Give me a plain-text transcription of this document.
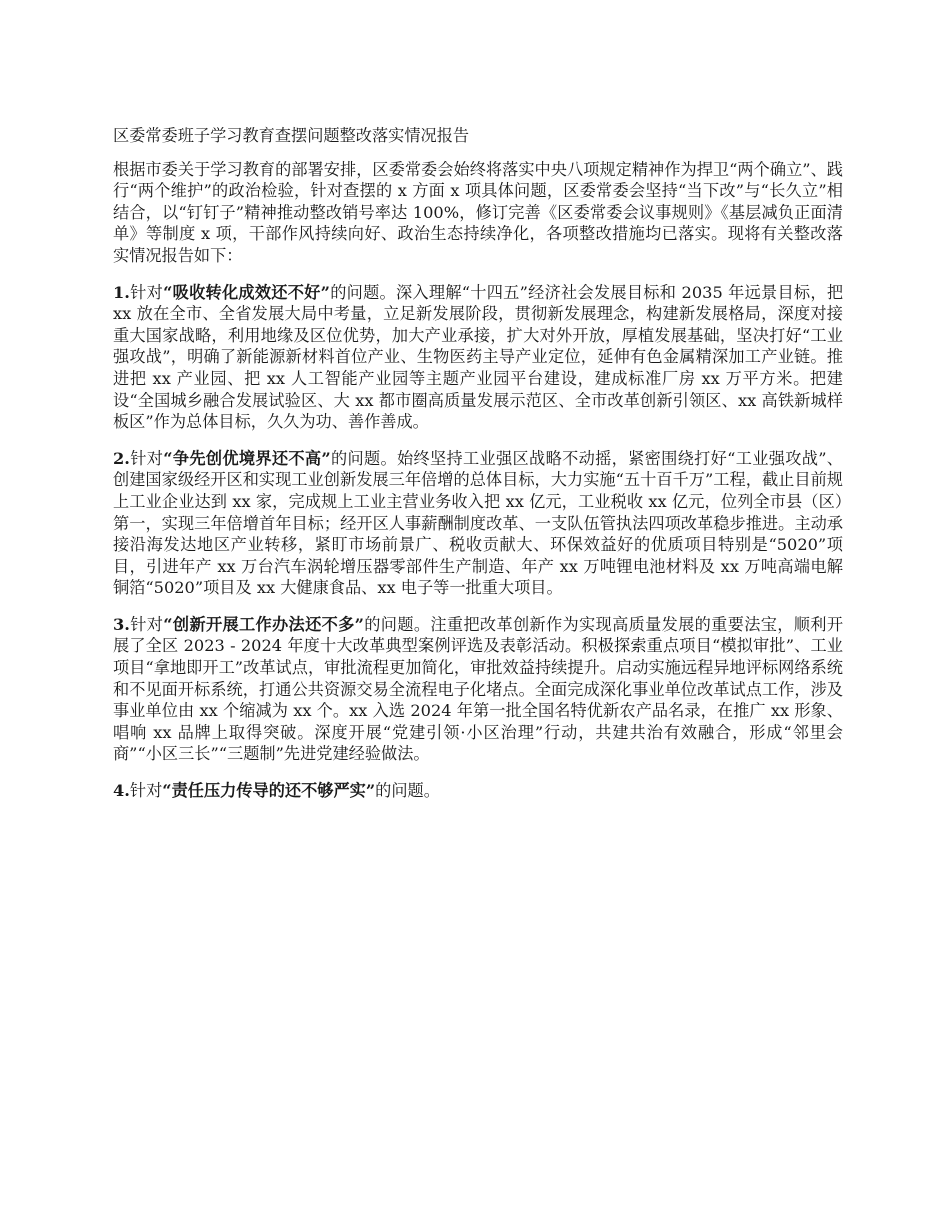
区委常委班子学习教育查摆问题整改落实情况报告

根据市委关于学习教育的部署安排，区委常委会始终将落实中央八项规定精神作为捍卫“两个确立”、践行“两个维护”的政治检验，针对查摆的 x 方面 x 项具体问题，区委常委会坚持“当下改”与“长久立”相结合，以“钉钉子”精神推动整改销号率达 100%，修订完善《区委常委会议事规则》《基层减负正面清单》等制度 x 项，干部作风持续向好、政治生态持续净化，各项整改措施均已落实。现将有关整改落实情况报告如下：

1.针对“吸收转化成效还不好”的问题。深入理解“十四五”经济社会发展目标和 2035 年远景目标，把 xx 放在全市、全省发展大局中考量，立足新发展阶段，贯彻新发展理念，构建新发展格局，深度对接重大国家战略，利用地缘及区位优势，加大产业承接，扩大对外开放，厚植发展基础，坚决打好“工业强攻战”，明确了新能源新材料首位产业、生物医药主导产业定位，延伸有色金属精深加工产业链。推进把 xx 产业园、把 xx 人工智能产业园等主题产业园平台建设，建成标准厂房 xx 万平方米。把建设“全国城乡融合发展试验区、大 xx 都市圈高质量发展示范区、全市改革创新引领区、xx 高铁新城样板区”作为总体目标，久久为功、善作善成。

2.针对“争先创优境界还不高”的问题。始终坚持工业强区战略不动摇，紧密围绕打好“工业强攻战”、创建国家级经开区和实现工业创新发展三年倍增的总体目标，大力实施“五十百千万”工程，截止目前规上工业企业达到 xx 家，完成规上工业主营业务收入把 xx 亿元，工业税收 xx 亿元，位列全市县（区）第一，实现三年倍增首年目标；经开区人事薪酬制度改革、一支队伍管执法四项改革稳步推进。主动承接沿海发达地区产业转移，紧盯市场前景广、税收贡献大、环保效益好的优质项目特别是“5020”项目，引进年产 xx 万台汽车涡轮增压器零部件生产制造、年产 xx 万吨锂电池材料及 xx 万吨高端电解铜箔“5020”项目及 xx 大健康食品、xx 电子等一批重大项目。

3.针对“创新开展工作办法还不多”的问题。注重把改革创新作为实现高质量发展的重要法宝，顺利开展了全区 2023 - 2024 年度十大改革典型案例评选及表彰活动。积极探索重点项目“模拟审批”、工业项目“拿地即开工”改革试点，审批流程更加简化，审批效益持续提升。启动实施远程异地评标网络系统和不见面开标系统，打通公共资源交易全流程电子化堵点。全面完成深化事业单位改革试点工作，涉及事业单位由 xx 个缩减为 xx 个。xx 入选 2024 年第一批全国名特优新农产品名录，在推广 xx 形象、唱响 xx 品牌上取得突破。深度开展“党建引领·小区治理”行动，共建共治有效融合，形成“邻里会商”“小区三长”“三题制”先进党建经验做法。

4.针对“责任压力传导的还不够严实”的问题。
